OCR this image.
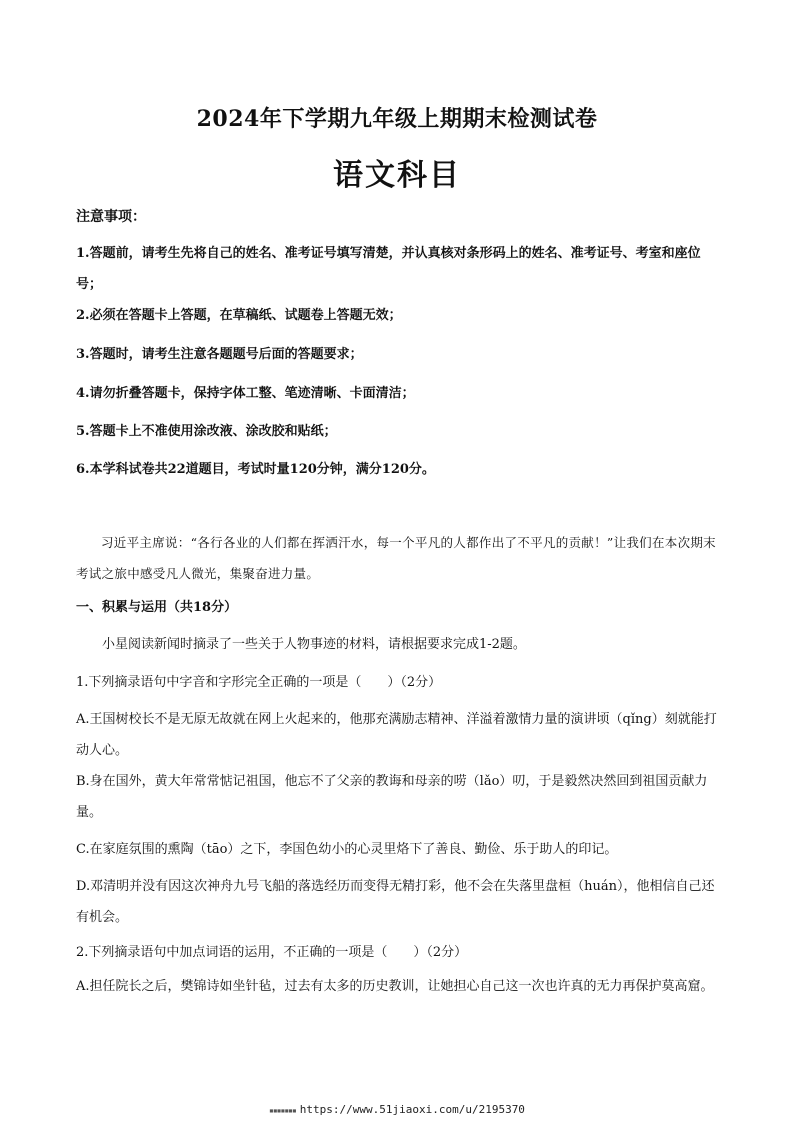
2024年下学期九年级上期期末检测试卷
语文科目
注意事项：
1.答题前，请考生先将自己的姓名、准考证号填写清楚，并认真核对条形码上的姓名、准考证号、考室和座位号；
2.必须在答题卡上答题，在草稿纸、试题卷上答题无效；
3.答题时，请考生注意各题题号后面的答题要求；
4.请勿折叠答题卡，保持字体工整、笔迹清晰、卡面清洁；
5.答题卡上不准使用涂改液、涂改胶和贴纸；
6.本学科试卷共22道题目，考试时量120分钟，满分120分。
习近平主席说：“各行各业的人们都在挥洒汗水，每一个平凡的人都作出了不平凡的贡献！”让我们在本次期末考试之旅中感受凡人微光，集聚奋进力量。
一、积累与运用（共18分）
小星阅读新闻时摘录了一些关于人物事迹的材料，请根据要求完成1-2题。
1.下列摘录语句中字音和字形完全正确的一项是（　　）（2分）
A.王国树校长不是无原无故就在网上火起来的，他那充满励志精神、洋溢着激情力量的演讲顷（qǐng）刻就能打动人心。
B.身在国外，黄大年常常惦记祖国，他忘不了父亲的教诲和母亲的唠（lǎo）叨，于是毅然决然回到祖国贡献力量。
C.在家庭氛围的熏陶（tāo）之下，李国色幼小的心灵里烙下了善良、勤俭、乐于助人的印记。
D.邓清明并没有因这次神舟九号飞船的落选经历而变得无精打彩，他不会在失落里盘桓（huán），他相信自己还有机会。
2.下列摘录语句中加点词语的运用，不正确的一项是（　　）（2分）
A.担任院长之后，樊锦诗如坐针毡，过去有太多的历史教训，让她担心自己这一次也许真的无力再保护莫高窟。
▪▪▪▪▪▪▪ https://www.51jiaoxi.com/u/2195370
